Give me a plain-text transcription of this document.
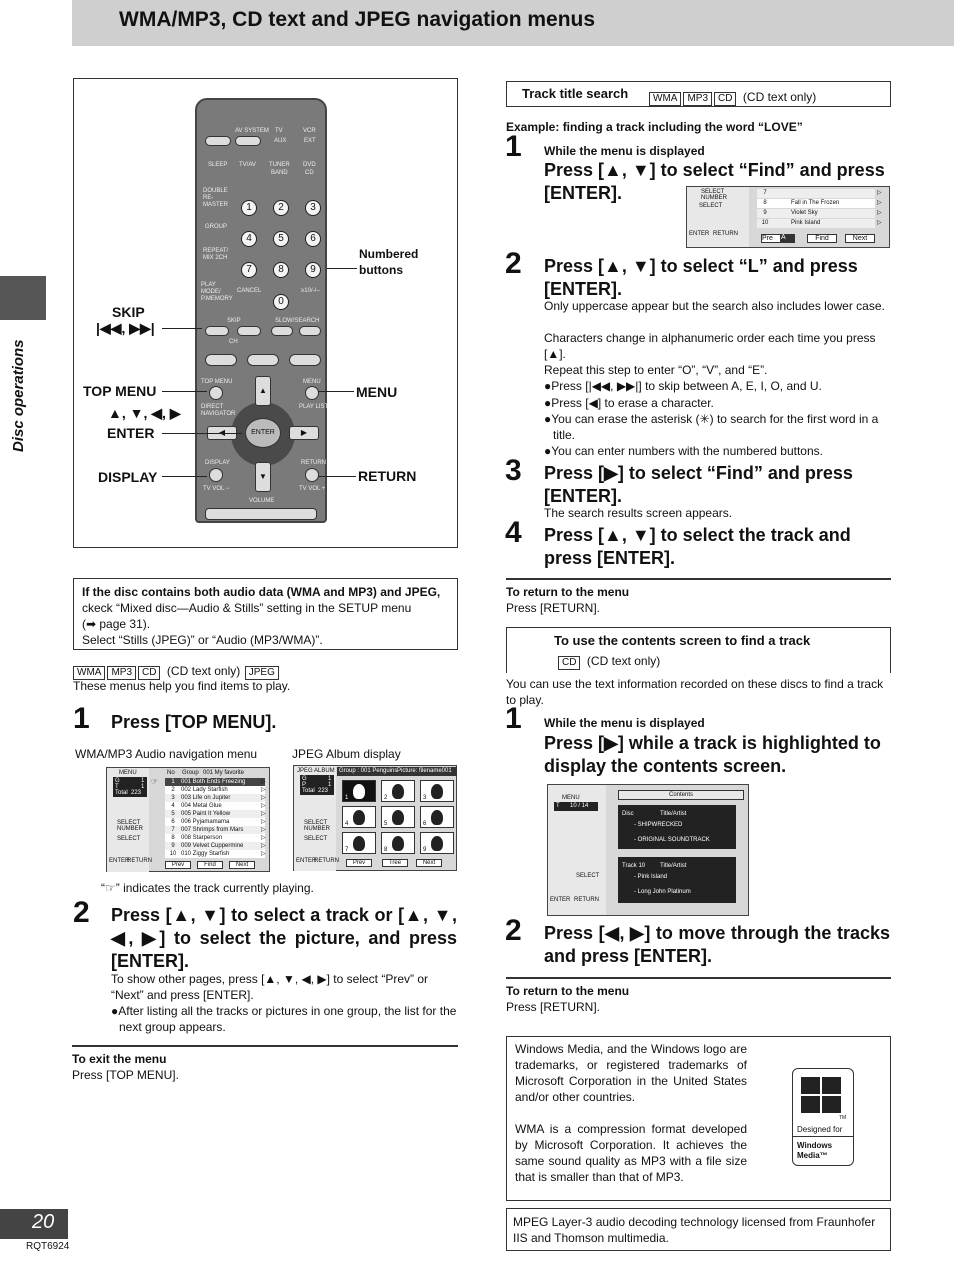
WMA/MP3, CD text and JPEG navigation menus
Disc operations
AV SYSTEM TV	VCR
AUX	EXT
SLEEP TV/AV TUNER DVD
BAND	CD
DOUBLE RE-MASTER
GROUP
REPEAT/ MIX 2CH
PLAY MODE/ P.MEMORY
CANCEL	≥10/-/--
1	2	3
4	5	6
7	8	9
0
SKIP	SLOW/SEARCH
CH
TOP MENU	MENU
DIRECT NAVIGATOR
PLAY LIST
▲
▼
▶
ENTER
DISPLAY	RETURN
TV VOL −	TV VOL +
VOLUME
Numbered buttons
SKIP
|◀◀, ▶▶|
TOP MENU	MENU
▲, ▼, ◀, ▶
ENTER
DISPLAY	RETURN
If the disc contains both audio data (WMA and MP3) and JPEG,
ckeck “Mixed disc—Audio & Stills” setting in the SETUP menu
(➡ page 31).
Select “Stills (JPEG)” or “Audio (MP3/WMA)”.
WMA MP3 CD (CD text only) JPEG
These menus help you find items to play.
1 Press [TOP MENU].
WMA/MP3 Audio navigation menu	JPEG Album display
MENU
G	1
T	1
Total 223
SELECT NUMBER
SELECT
ENTER
RETURN
No Group 001 My favorite
☞	1 001 Both Ends Freezing	▷
2 002 Lady Starfish	▷
3 003 Life on Jupiter	▷
4 004 Metal Glue	▷
5 005 Paint It Yellow	▷
6 006 Pyjamamama	▷
7 007 Shrimps from Mars	▷
8 008 Starperson	▷
9 009 Velvet Cuppermine	▷
10 010 Ziggy Starfish	▷
Prev	Find	Next
JPEG ALBUM
G	1
P	1
Total 223
SELECT NUMBER
SELECT
ENTER
RETURN
Group : 001 Penguins Picture: filename001
1	2	3
4	5	6
7	8	9
Prev	Tree	Next
“☞” indicates the track currently playing.
2 Press [▲, ▼] to select a track or [▲, ▼, ◀, ▶] to select the picture, and press [ENTER].
To show other pages, press [▲, ▼, ◀, ▶] to select “Prev” or “Next” and press [ENTER].
●After listing all the tracks or pictures in one group, the list for the next group appears.
To exit the menu
Press [TOP MENU].
Track title search	WMA MP3 CD (CD text only)
Example: finding a track including the word “LOVE”
1 While the menu is displayed
SELECT NUMBER
SELECT
ENTER RETURN
7	▷
8	Fall in The Frozen	▷
9	Violet Sky	▷
10	Pink Island	▷
Pre	A	Find	Next
Press [▲, ▼] to select “Find” and press [ENTER].
2 Press [▲, ▼] to select “L” and press [ENTER].
Only uppercase appear but the search also includes lower case.
Characters change in alphanumeric order each time you press [▲].
Repeat this step to enter “O”, “V”, and “E”.
●Press [|◀◀, ▶▶|] to skip between A, E, I, O, and U.
●Press [◀] to erase a character.
●You can erase the asterisk (✳) to search for the first word in a title.
●You can enter numbers with the numbered buttons.
3 Press [▶] to select “Find” and press [ENTER].
The search results screen appears.
4 Press [▲, ▼] to select the track and press [ENTER].
To return to the menu
Press [RETURN].
To use the contents screen to find a track
CD (CD text only)
You can use the text information recorded on these discs to find a track to play.
1 While the menu is displayed
Press [▶] while a track is highlighted to display the contents screen.
MENU
T 10 / 14
SELECT
ENTER RETURN
Contents
Disc	Title/Artist
- SHIPWRECKED
- ORIGINAL SOUNDTRACK
Track 10 Title/Artist
- Pink Island
- Long John Platinum
2 Press [◀, ▶] to move through the tracks and press [ENTER].
To return to the menu
Press [RETURN].
Windows Media, and the Windows logo are trademarks, or registered trademarks of Microsoft Corporation in the United States and/or other countries.
WMA is a compression format developed by Microsoft Corporation. It achieves the same sound quality as MP3 with a file size that is smaller than that of MP3.
TM
Designed for
Windows
Media™
MPEG Layer-3 audio decoding technology licensed from Fraunhofer IIS and Thomson multimedia.
20
RQT6924
